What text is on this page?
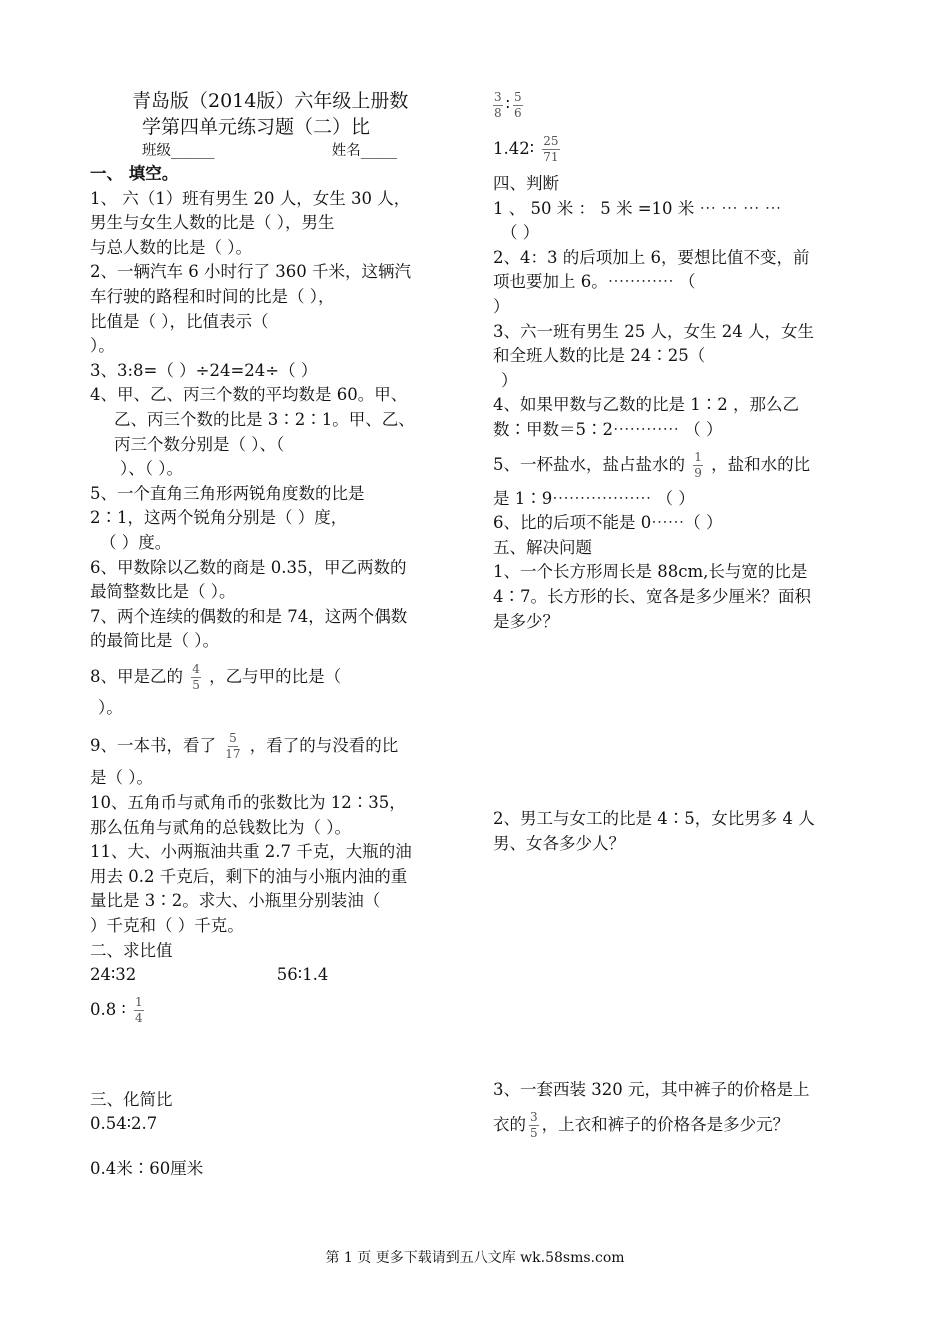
青岛版（2014版）六年级上册数
学第四单元练习题（二）比
班级______	姓名_____
一、 填空。
1、 六（1）班有男生 20 人，女生 30 人，
男生与女生人数的比是（ ），男生
与总人数的比是（ ）。
2、一辆汽车 6 小时行了 360 千米，这辆汽
车行驶的路程和时间的比是（ ），
比值是（ ），比值表示（
）。
3、3:8=（ ）÷24=24÷（ ）
4、甲、乙、丙三个数的平均数是 60。甲、
乙、丙三个数的比是 3∶2∶1。甲、乙、
丙三个数分别是（ ）、（
）、（ ）。
5、一个直角三角形两锐角度数的比是
2∶1，这两个锐角分别是（ ）度，
（ ）度。
6、甲数除以乙数的商是 0.35，甲乙两数的
最简整数比是（ ）。
7、两个连续的偶数的和是 74，这两个偶数
的最简比是（ ）。
8、甲是乙的 $\frac{4}{5}$ ，乙与甲的比是（
）。
9、一本书，看了 $\frac{5}{17}$ ，看了的与没看的比
是（ ）。
10、五角币与贰角币的张数比为 12∶35，
那么伍角与贰角的总钱数比为（ ）。
11、大、小两瓶油共重 2.7 千克，大瓶的油
用去 0.2 千克后，剩下的油与小瓶内油的重
量比是 3∶2。求大、小瓶里分别装油（
）千克和（ ）千克。
二、求比值
24∶32	56∶1.4
0.8 ∶ $\frac{1}{4}$
三、化简比
0.54∶2.7
0.4米∶60厘米
$\frac{3}{8}$ ∶ $\frac{5}{6}$
1.42∶ $\frac{25}{71}$
四、判断
1 、 50 米 ： 5 米 =10 米 ⋯ ⋯ ⋯ ⋯
（ ）
2、4：3 的后项加上 6，要想比值不变，前
项也要加上 6。⋯⋯⋯⋯ （
）
3、六一班有男生 25 人，女生 24 人，女生
和全班人数的比是 24∶25（
）
4、如果甲数与乙数的比是 1∶2 ，那么乙
数∶甲数＝5∶2⋯⋯⋯⋯ （ ）
5、一杯盐水，盐占盐水的 $\frac{1}{9}$ ，盐和水的比
是 1∶9⋯⋯⋯⋯⋯⋯ （ ）
6、比的后项不能是 0⋯⋯（ ）
五、解决问题
1、一个长方形周长是 88cm,长与宽的比是
4∶7。长方形的长、宽各是多少厘米？面积
是多少？
2、男工与女工的比是 4∶5，女比男多 4 人
男、女各多少人？
3、一套西装 320 元，其中裤子的价格是上
衣的 $\frac{3}{5}$ ，上衣和裤子的价格各是多少元？
第 1 页 更多下载请到五八文库 wk.58sms.com
